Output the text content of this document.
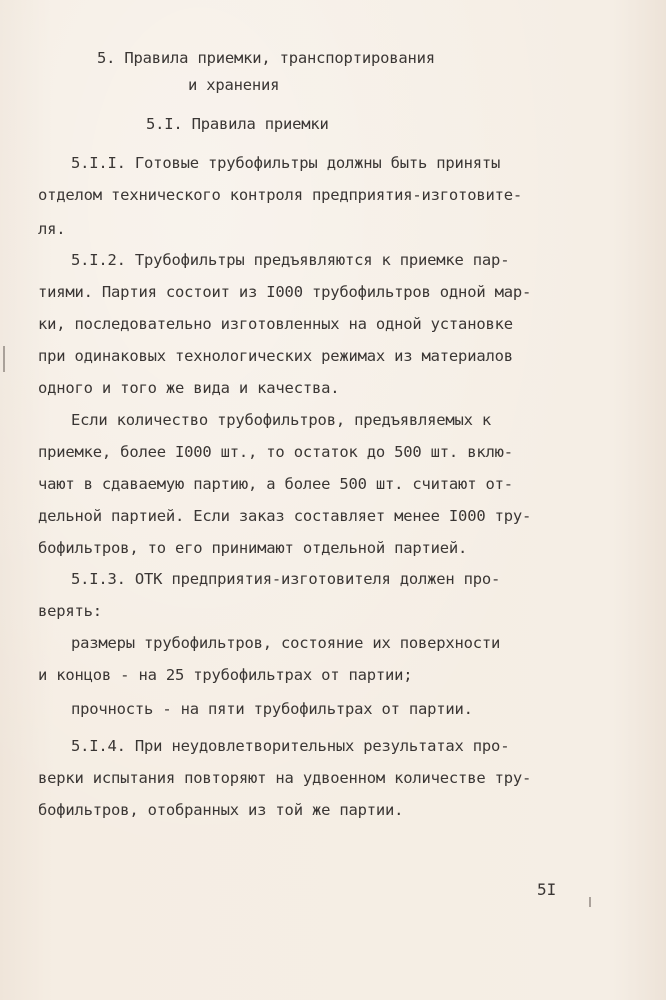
5. Правила приемки, транспортирования
и хранения
5.I. Правила приемки
5.I.I. Готовые трубофильтры должны быть приняты
отделом технического контроля предприятия-изготовите-
ля.
5.I.2. Трубофильтры предъявляются к приемке пар-
тиями. Партия состоит из I000 трубофильтров одной мар-
ки, последовательно изготовленных на одной установке
при одинаковых технологических режимах из материалов
одного и того же вида и качества.
Если количество трубофильтров, предъявляемых к
приемке, более I000 шт., то остаток до 500 шт. вклю-
чают в сдаваемую партию, а более 500 шт. считают от-
дельной партией. Если заказ составляет менее I000 тру-
бофильтров, то его принимают отдельной партией.
5.I.3. ОТК предприятия-изготовителя должен про-
верять:
размеры трубофильтров, состояние их поверхности
и концов - на 25 трубофильтрах от партии;
прочность - на пяти трубофильтрах от партии.
5.I.4. При неудовлетворительных результатах про-
верки испытания повторяют на удвоенном количестве тру-
бофильтров, отобранных из той же партии.
5I
